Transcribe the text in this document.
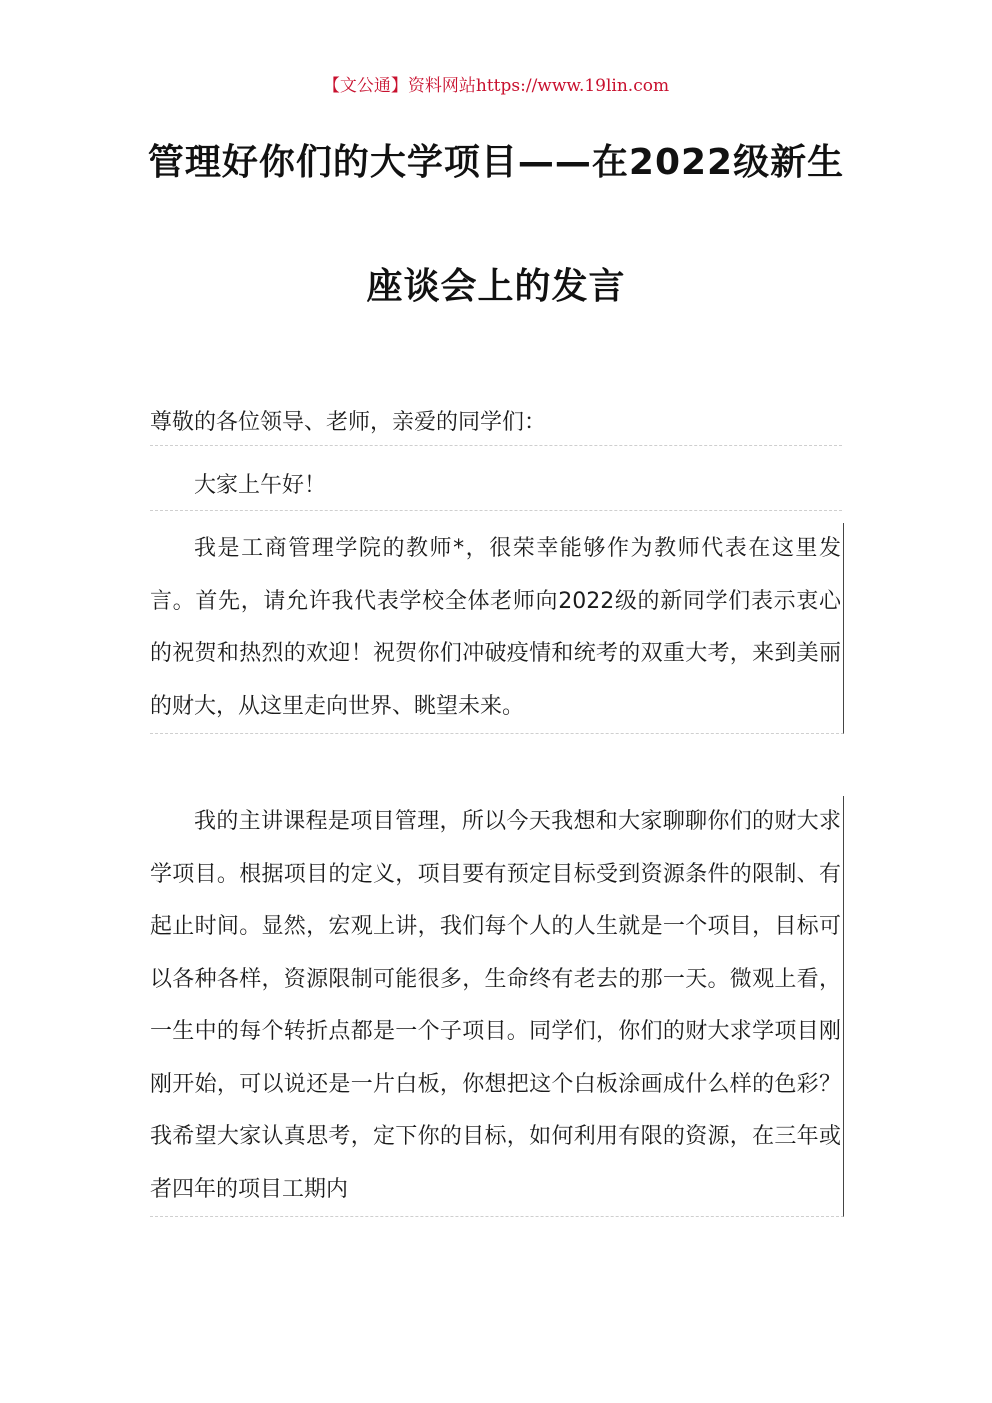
【文公通】资料网站https://www.19lin.com
管理好你们的大学项目——在2022级新生
座谈会上的发言
尊敬的各位领导、老师，亲爱的同学们：
大家上午好！
我是工商管理学院的教师*，很荣幸能够作为教师代表在这里发言。首先，请允许我代表学校全体老师向2022级的新同学们表示衷心的祝贺和热烈的欢迎！祝贺你们冲破疫情和统考的双重大考，来到美丽的财大，从这里走向世界、眺望未来。
我的主讲课程是项目管理，所以今天我想和大家聊聊你们的财大求学项目。根据项目的定义，项目要有预定目标受到资源条件的限制、有起止时间。显然，宏观上讲，我们每个人的人生就是一个项目，目标可以各种各样，资源限制可能很多，生命终有老去的那一天。微观上看，一生中的每个转折点都是一个子项目。同学们，你们的财大求学项目刚刚开始，可以说还是一片白板，你想把这个白板涂画成什么样的色彩？我希望大家认真思考，定下你的目标，如何利用有限的资源，在三年或者四年的项目工期内
